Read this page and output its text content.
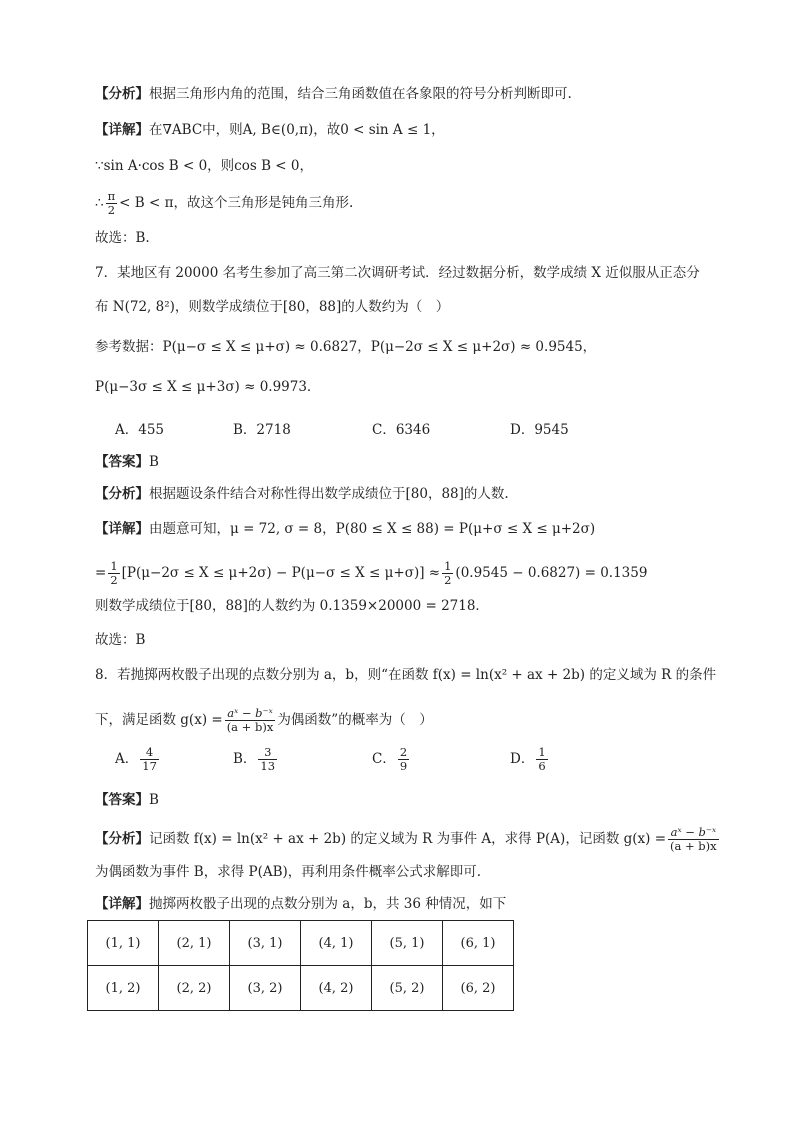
【分析】根据三角形内角的范围，结合三角函数值在各象限的符号分析判断即可.
【详解】在∇ABC中，则A, B∈(0,π)，故0 < sin A ≤ 1，
∵sin A·cos B < 0，则cos B < 0，
∴ $\frac{\pi}{2} < B < \pi$，故这个三角形是钝角三角形.
故选：B.
7．某地区有 20000 名考生参加了高三第二次调研考试．经过数据分析，数学成绩 X 近似服从正态分
布 N(72, 8²)，则数学成绩位于[80，88]的人数约为（　）
参考数据：P(μ−σ ≤ X ≤ μ+σ) ≈ 0.6827，P(μ−2σ ≤ X ≤ μ+2σ) ≈ 0.9545，
P(μ−3σ ≤ X ≤ μ+3σ) ≈ 0.9973．
A．455	B．2718	C．6346	D．9545
【答案】B
【分析】根据题设条件结合对称性得出数学成绩位于[80，88]的人数.
【详解】由题意可知，μ = 72, σ = 8，P(80 ≤ X ≤ 88) = P(μ+σ ≤ X ≤ μ+2σ)
= $\frac{1}{2} [P(\mu-2\sigma \le X \le \mu+2\sigma) - P(\mu-\sigma \le X \le \mu+\sigma)] \approx \frac{1}{2} (0.9545 - 0.6827) = 0.1359$
则数学成绩位于[80，88]的人数约为 0.1359×20000 = 2718．
故选：B
8．若抛掷两枚骰子出现的点数分别为 a，b，则“在函数 f(x) = ln(x² + ax + 2b) 的定义域为 R 的条件
下，满足函数 $g(x) = \frac{\text{aˣ − b⁻ˣ}}{(a + b)x}$ 为偶函数”的概率为（　）
A． $\frac{4}{17}$	B． $\frac{3}{13}$	C． $\frac{2}{9}$	D． $\frac{1}{6}$
【答案】B
【分析】记函数 f(x) = ln(x² + ax + 2b) 的定义域为 R 为事件 A，求得 P(A)，记函数 $g(x) = \frac{\text{aˣ − b⁻ˣ}}{(a + b)x}$
为偶函数为事件 B，求得 P(AB)，再利用条件概率公式求解即可.
【详解】抛掷两枚骰子出现的点数分别为 a，b，共 36 种情况，如下
(1, 1)	(2, 1)	(3, 1)	(4, 1)	(5, 1)	(6, 1)
(1, 2)	(2, 2)	(3, 2)	(4, 2)	(5, 2)	(6, 2)
